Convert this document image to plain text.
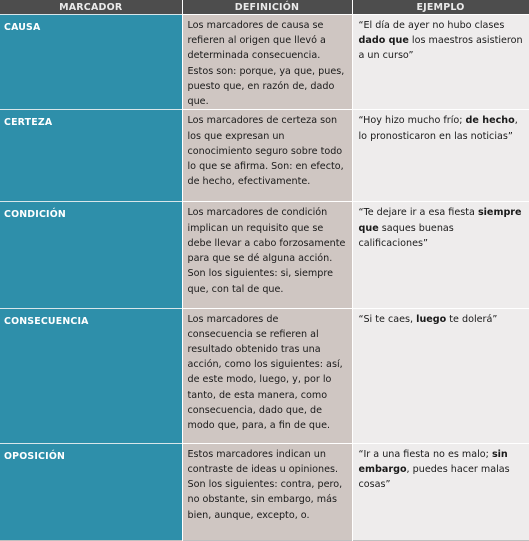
MARCADOR	DEFINICIÓN	EJEMPLO
CAUSA	Los marcadores de causa se refieren al origen que llevó a determinada consecuencia. Estos son: porque, ya que, pues, puesto que, en razón de, dado que.	“El día de ayer no hubo clases dado que los maestros asistieron a un curso”
CERTEZA	Los marcadores de certeza son los que expresan un conocimiento seguro sobre todo lo que se afirma. Son: en efecto, de hecho, efectivamente.	“Hoy hizo mucho frío; de hecho, lo pronosticaron en las noticias”
CONDICIÓN	Los marcadores de condición implican un requisito que se debe llevar a cabo forzosamente para que se dé alguna acción. Son los siguientes: si, siempre que, con tal de que.	“Te dejare ir a esa fiesta siempre que saques buenas calificaciones”
CONSECUENCIA	Los marcadores de consecuencia se refieren al resultado obtenido tras una acción, como los siguientes: así, de este modo, luego, y, por lo tanto, de esta manera, como consecuencia, dado que, de modo que, para, a fin de que.	“Si te caes, luego te dolerá”
OPOSICIÓN	Estos marcadores indican un contraste de ideas u opiniones. Son los siguientes: contra, pero, no obstante, sin embargo, más bien, aunque, excepto, o.	“Ir a una fiesta no es malo; sin embargo, puedes hacer malas cosas”
